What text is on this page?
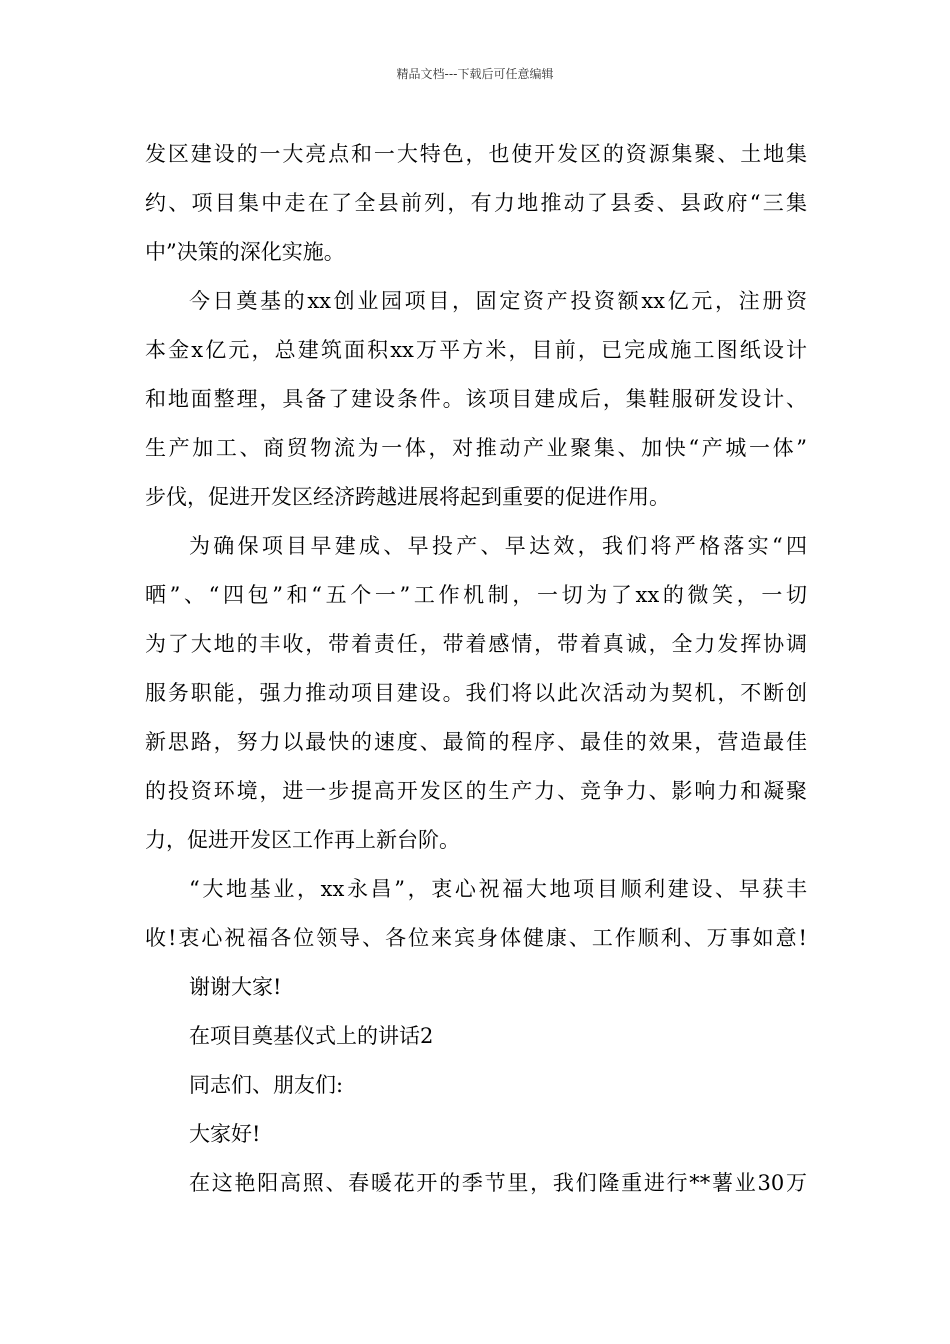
精品文档---下载后可任意编辑
发区建设的一大亮点和一大特色，也使开发区的资源集聚、土地集
约、项目集中走在了全县前列，有力地推动了县委、县政府“三集
中”决策的深化实施。
今日奠基的xx创业园项目，固定资产投资额xx亿元，注册资
本金x亿元，总建筑面积xx万平方米，目前，已完成施工图纸设计
和地面整理，具备了建设条件。该项目建成后，集鞋服研发设计、
生产加工、商贸物流为一体，对推动产业聚集、加快“产城一体”
步伐，促进开发区经济跨越进展将起到重要的促进作用。
为确保项目早建成、早投产、早达效，我们将严格落实“四
晒”、“四包”和“五个一”工作机制，一切为了xx的微笑，一切
为了大地的丰收，带着责任，带着感情，带着真诚，全力发挥协调
服务职能，强力推动项目建设。我们将以此次活动为契机，不断创
新思路，努力以最快的速度、最简的程序、最佳的效果，营造最佳
的投资环境，进一步提高开发区的生产力、竞争力、影响力和凝聚
力，促进开发区工作再上新台阶。
“大地基业，xx永昌”，衷心祝福大地项目顺利建设、早获丰
收!衷心祝福各位领导、各位来宾身体健康、工作顺利、万事如意!
谢谢大家!
在项目奠基仪式上的讲话2
同志们、朋友们:
大家好!
在这艳阳高照、春暖花开的季节里，我们隆重进行**薯业30万
